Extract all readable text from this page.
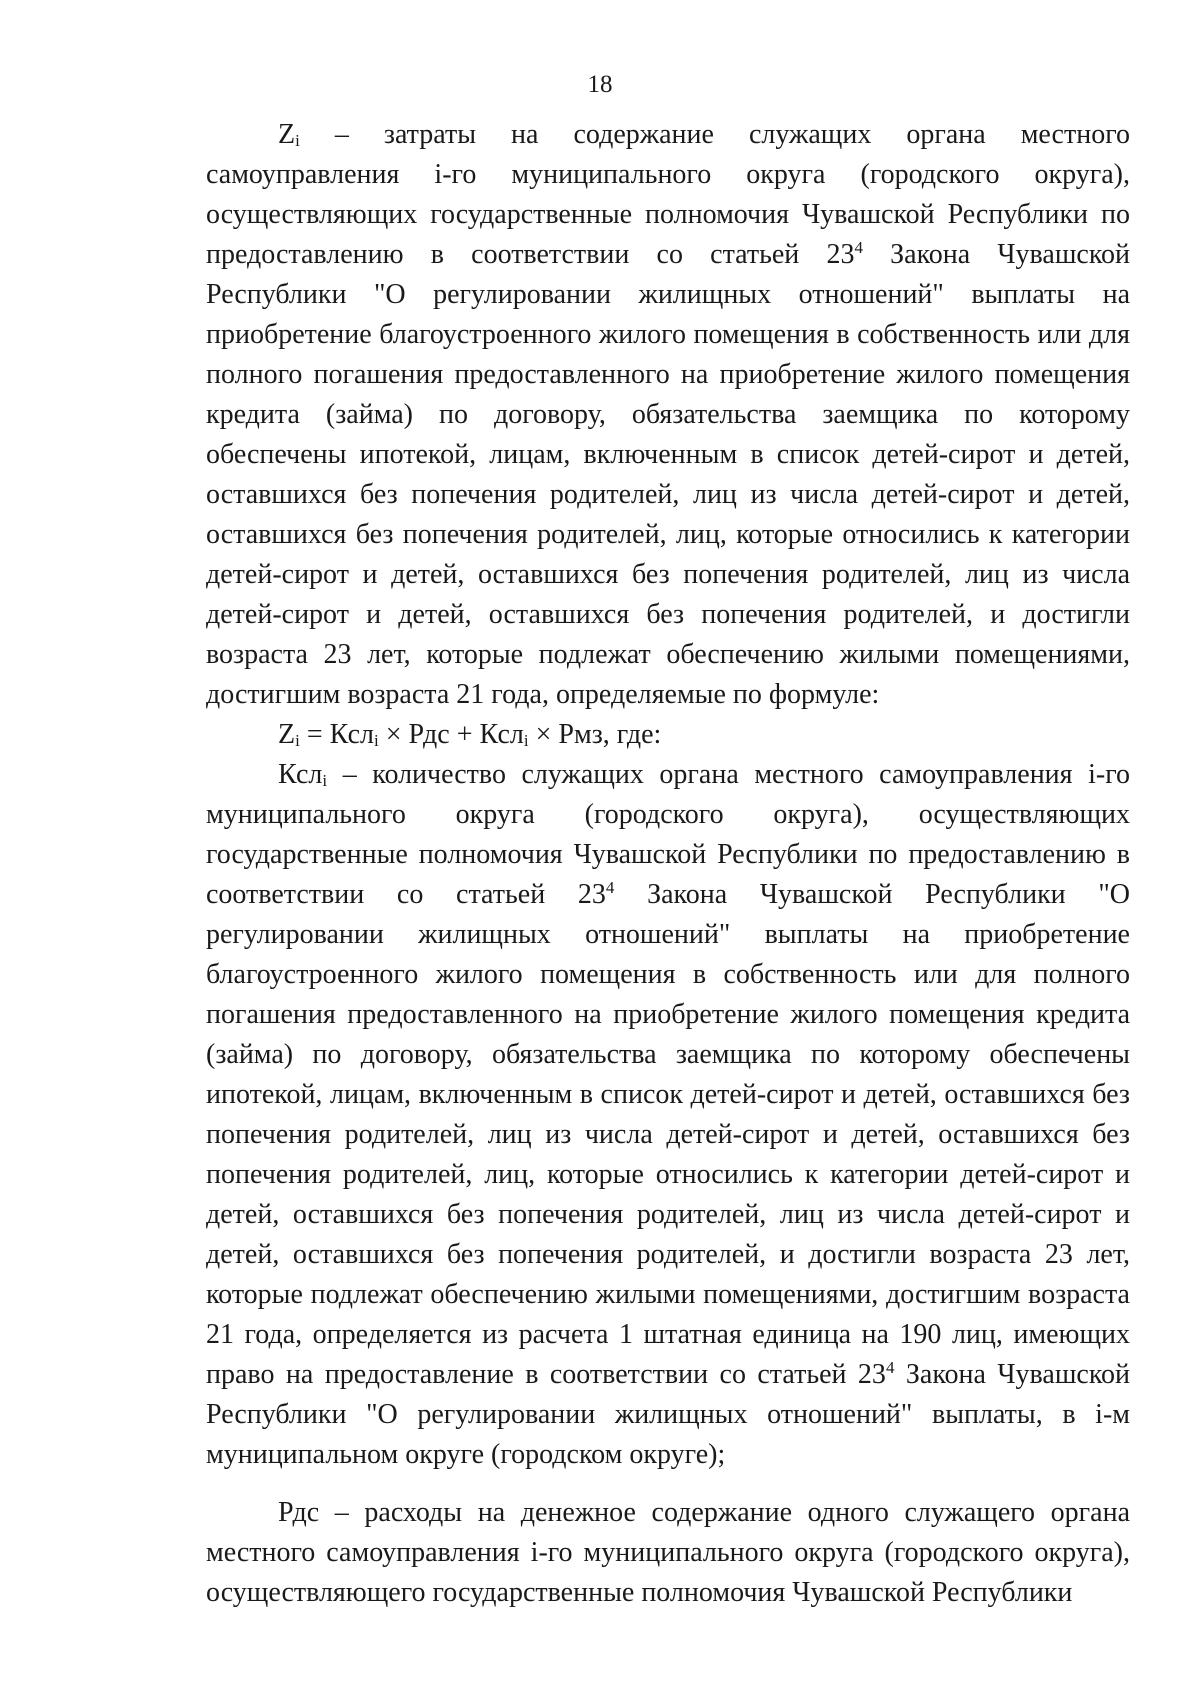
18

$Z_i$ – затраты на содержание служащих органа местного самоуправления i-го муниципального округа (городского округа), осуществляющих государственные полномочия Чувашской Республики по предоставлению в соответствии со статьей $23^4$ Закона Чувашской Республики "О регулировании жилищных отношений" выплаты на приобретение благоустроенного жилого помещения в собственность или для полного погашения предоставленного на приобретение жилого помещения кредита (займа) по договору, обязательства заемщика по которому обеспечены ипотекой, лицам, включенным в список детей-сирот и детей, оставшихся без попечения родителей, лиц из числа детей-сирот и детей, оставшихся без попечения родителей, лиц, которые относились к категории детей-сирот и детей, оставшихся без попечения родителей, лиц из числа детей-сирот и детей, оставшихся без попечения родителей, и достигли возраста 23 лет, которые подлежат обеспечению жилыми помещениями, достигшим возраста 21 года, определяемые по формуле:

$Z_i = Ксл_i$ × Рдс + Ксл$_i$ × Рмз, где:

Ксл$_i$ – количество служащих органа местного самоуправления i-го муниципального округа (городского округа), осуществляющих государственные полномочия Чувашской Республики по предоставлению в соответствии со статьей $23^4$ Закона Чувашской Республики "О регулировании жилищных отношений" выплаты на приобретение благоустроенного жилого помещения в собственность или для полного погашения предоставленного на приобретение жилого помещения кредита (займа) по договору, обязательства заемщика по которому обеспечены ипотекой, лицам, включенным в список детей-сирот и детей, оставшихся без попечения родителей, лиц из числа детей-сирот и детей, оставшихся без попечения родителей, лиц, которые относились к категории детей-сирот и детей, оставшихся без попечения родителей, лиц из числа детей-сирот и детей, оставшихся без попечения родителей, и достигли возраста 23 лет, которые подлежат обеспечению жилыми помещениями, достигшим возраста 21 года, определяется из расчета 1 штатная единица на 190 лиц, имеющих право на предоставление в соответствии со статьей $23^4$ Закона Чувашской Республики "О регулировании жилищных отношений" выплаты, в i-м муниципальном округе (городском округе);

Рдс – расходы на денежное содержание одного служащего органа местного самоуправления i-го муниципального округа (городского округа), осуществляющего государственные полномочия Чувашской Республики
